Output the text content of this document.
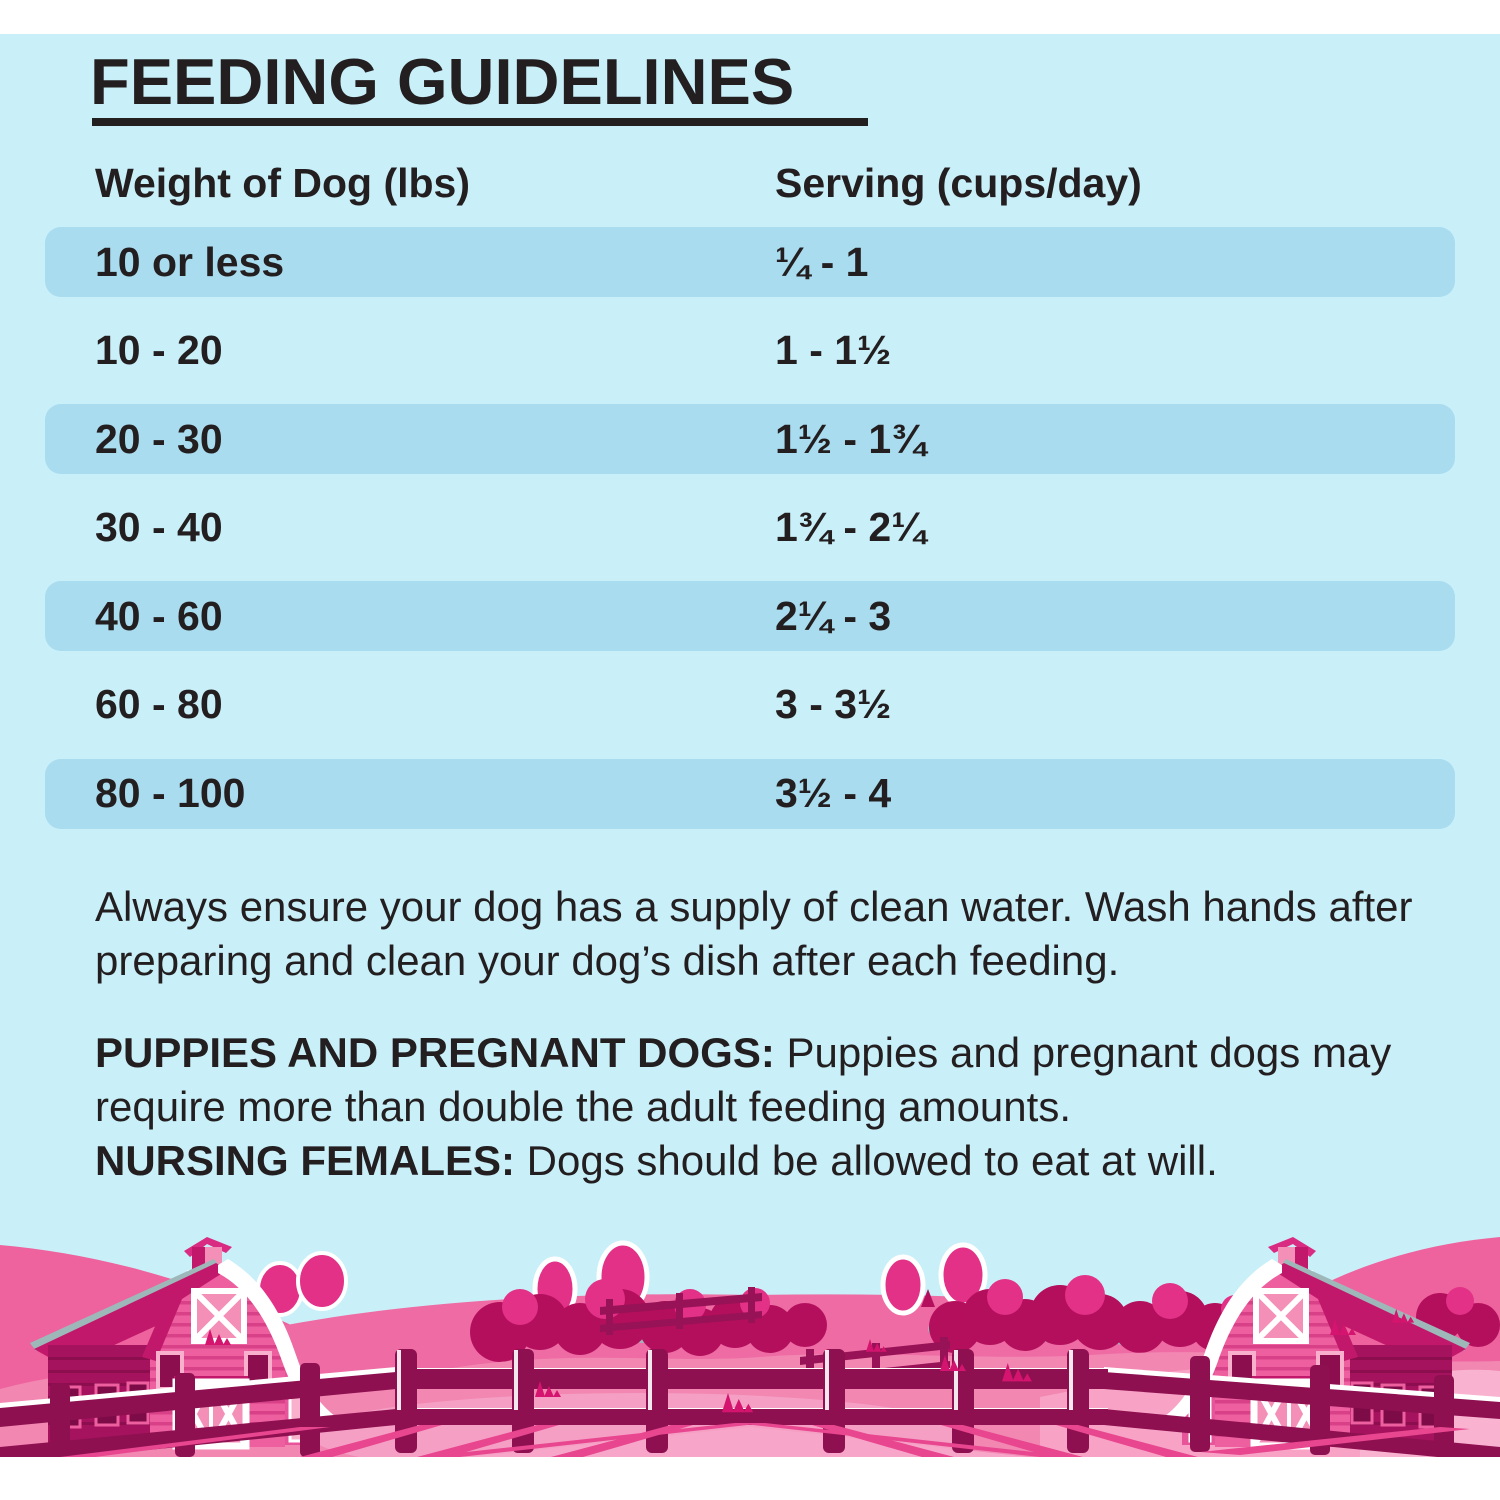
FEEDING GUIDELINES
Weight of Dog (lbs)	Serving (cups/day)
10 or less	¼ - 1
10 - 20	1 - 1½
20 - 30	1½ - 1¾
30 - 40	1¾ - 2¼
40 - 60	2¼ - 3
60 - 80	3 - 3½
80 - 100	3½ - 4
Always ensure your dog has a supply of clean water. Wash hands after preparing and clean your dog’s dish after each feeding.

PUPPIES AND PREGNANT DOGS: Puppies and pregnant dogs may require more than double the adult feeding amounts.

NURSING FEMALES: Dogs should be allowed to eat at will.
